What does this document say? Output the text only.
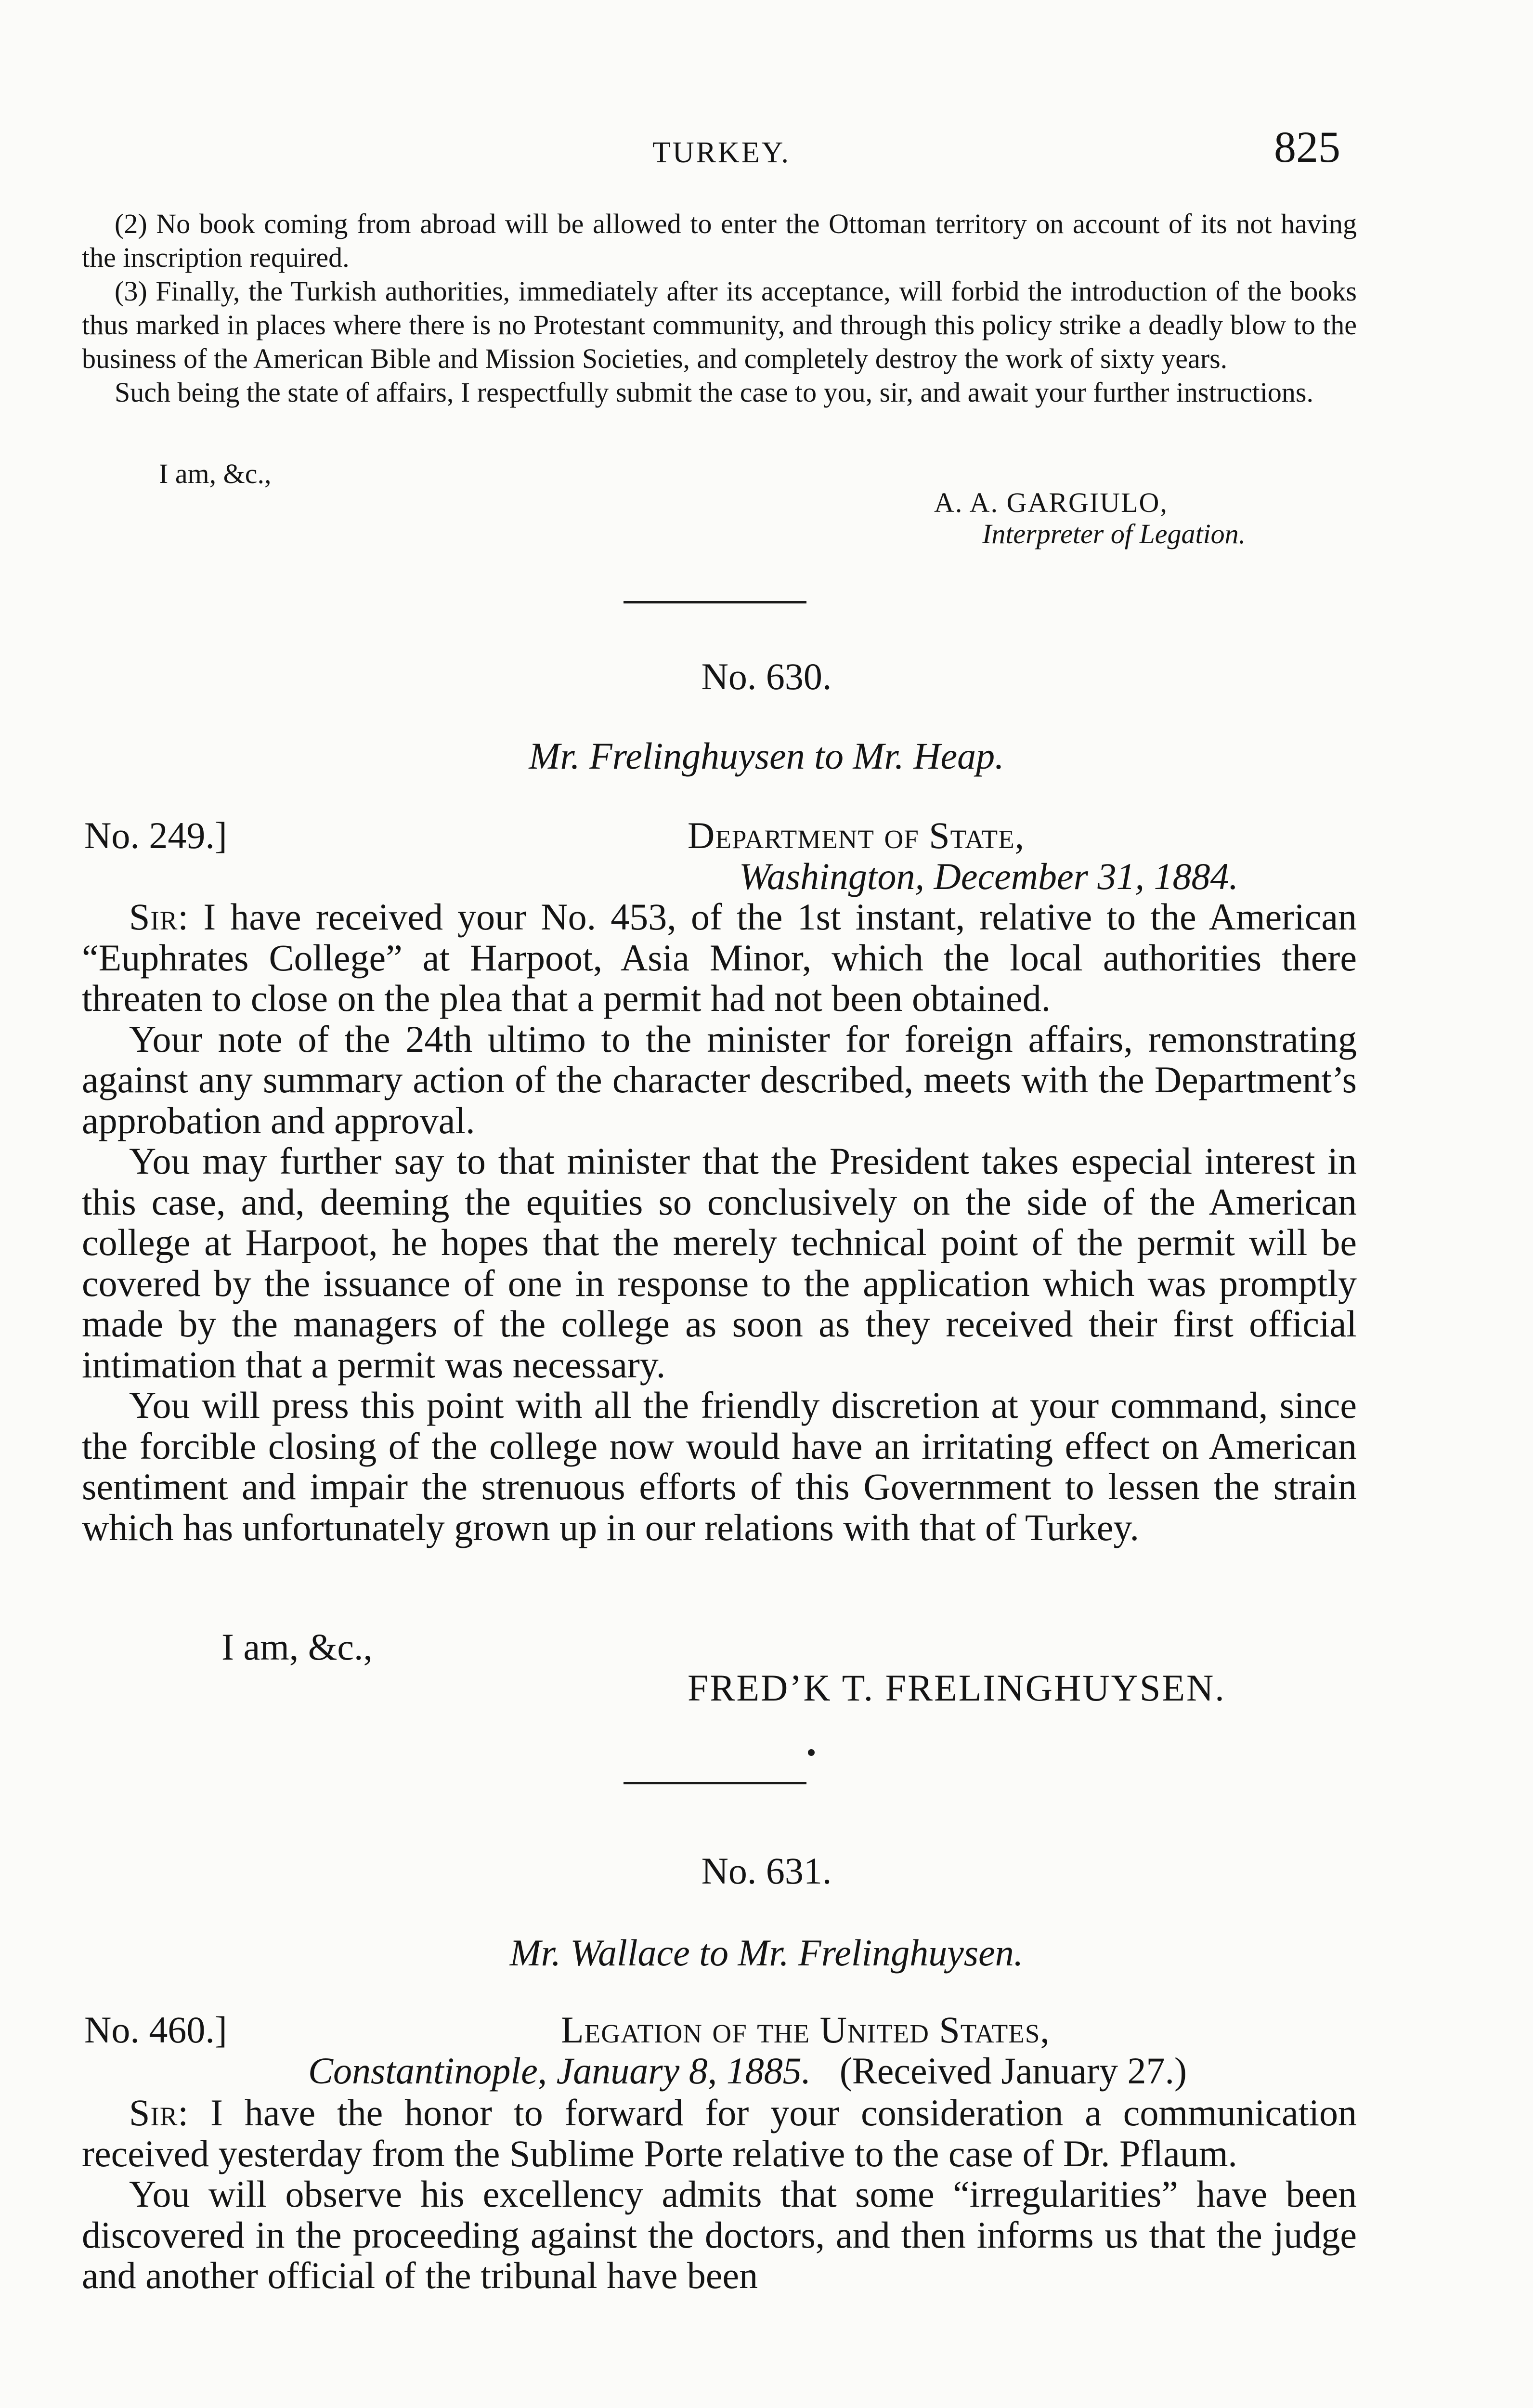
TURKEY.	825

(2) No book coming from abroad will be allowed to enter the Ottoman territory on account of its not having the inscription required.

(3) Finally, the Turkish authorities, immediately after its acceptance, will forbid the introduction of the books thus marked in places where there is no Protestant community, and through this policy strike a deadly blow to the business of the American Bible and Mission Societies, and completely destroy the work of sixty years.

Such being the state of affairs, I respectfully submit the case to you, sir, and await your further instructions.

I am, &c.,
A. A. GARGIULO,
Interpreter of Legation.
No. 630.
Mr. Frelinghuysen to Mr. Heap.
No. 249.]	Department of State,
Washington, December 31, 1884.

Sir: I have received your No. 453, of the 1st instant, relative to the American “Euphrates College” at Harpoot, Asia Minor, which the local authorities there threaten to close on the plea that a permit had not been obtained.

Your note of the 24th ultimo to the minister for foreign affairs, remonstrating against any summary action of the character described, meets with the Department’s approbation and approval.

You may further say to that minister that the President takes especial interest in this case, and, deeming the equities so conclusively on the side of the American college at Harpoot, he hopes that the merely technical point of the permit will be covered by the issuance of one in response to the application which was promptly made by the managers of the college as soon as they received their first official intimation that a permit was necessary.

You will press this point with all the friendly discretion at your command, since the forcible closing of the college now would have an irritating effect on American sentiment and impair the strenuous efforts of this Government to lessen the strain which has unfortunately grown up in our relations with that of Turkey.

I am, &c.,
FRED’K T. FRELINGHUYSEN.
No. 631.
Mr. Wallace to Mr. Frelinghuysen.
No. 460.]	Legation of the United States,
Constantinople, January 8, 1885. (Received January 27.)

Sir: I have the honor to forward for your consideration a communication received yesterday from the Sublime Porte relative to the case of Dr. Pflaum.

You will observe his excellency admits that some “irregularities” have been discovered in the proceeding against the doctors, and then informs us that the judge and another official of the tribunal have been
